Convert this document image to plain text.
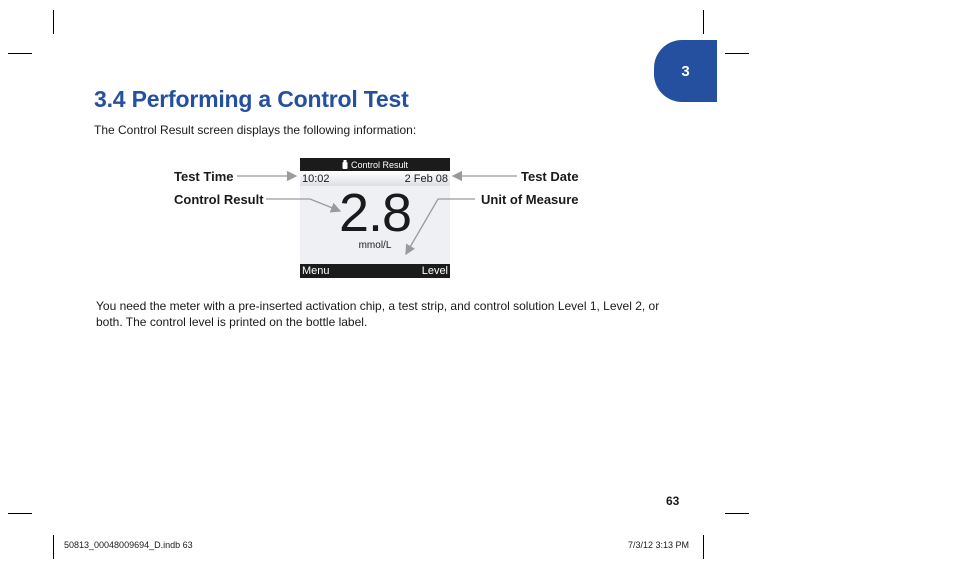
3
3.4 Performing a Control Test

The Control Result screen displays the following information:

Control Result
10:02	2 Feb 08
2.8
mmol/L
Menu	Level
Test Time
Control Result
Test Date
Unit of Measure

You need the meter with a pre-inserted activation chip, a test strip, and control solution Level 1, Level 2, or both. The control level is printed on the bottle label.

63
50813_00048009694_D.indb 63	7/3/12 3:13 PM
